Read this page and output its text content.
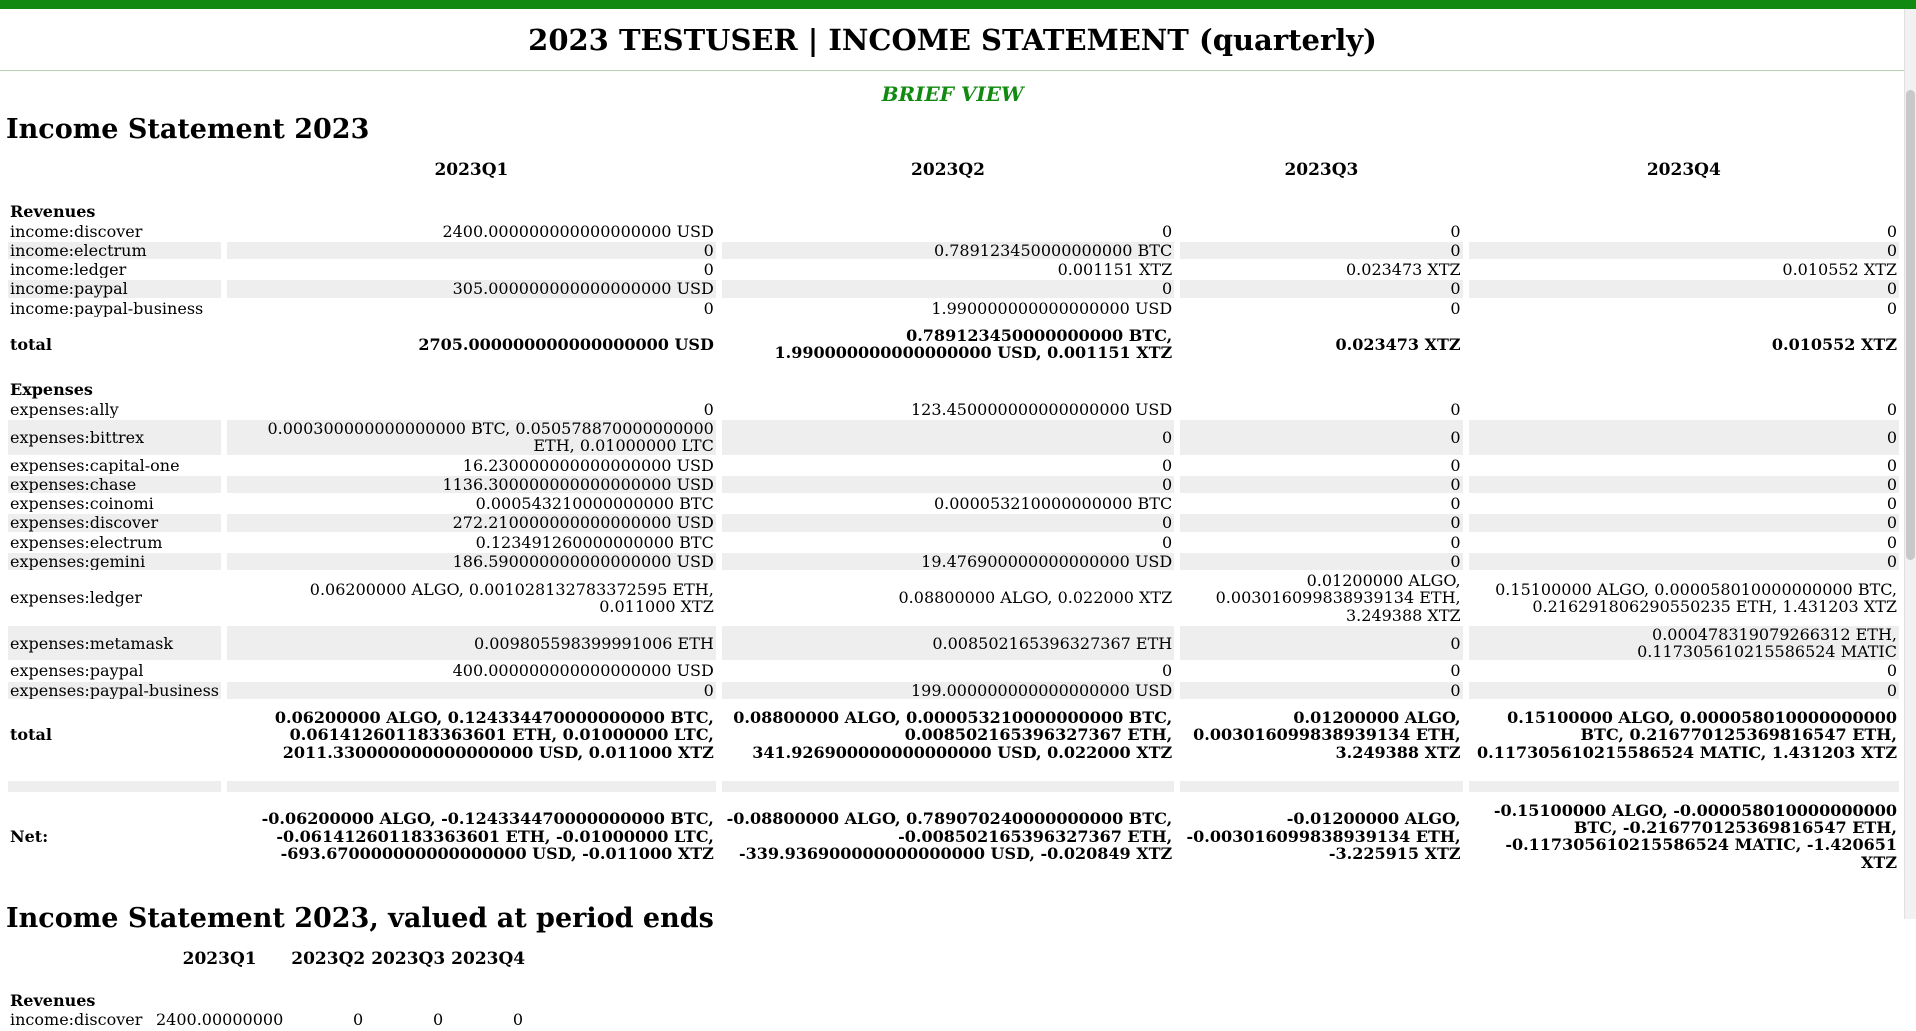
2023 TESTUSER | INCOME STATEMENT (quarterly)
BRIEF VIEW
Income Statement 2023
	2023Q1	2023Q2	2023Q3	2023Q4

Revenues				
income:discover	2400.000000000000000000 USD	0	0	0
income:electrum	0	0.789123450000000000 BTC	0	0
income:ledger	0	0.001151 XTZ	0.023473 XTZ	0.010552 XTZ
income:paypal	305.000000000000000000 USD	0	0	0
income:paypal-business	0	1.990000000000000000 USD	0	0
total	2705.000000000000000000 USD	0.789123450000000000 BTC, 1.990000000000000000 USD, 0.001151 XTZ	0.023473 XTZ	0.010552 XTZ

Expenses				
expenses:ally	0	123.450000000000000000 USD	0	0
expenses:bittrex	0.000300000000000000 BTC, 0.050578870000000000 ETH, 0.01000000 LTC	0	0	0
expenses:capital-one	16.230000000000000000 USD	0	0	0
expenses:chase	1136.300000000000000000 USD	0	0	0
expenses:coinomi	0.000543210000000000 BTC	0.000053210000000000 BTC	0	0
expenses:discover	272.210000000000000000 USD	0	0	0
expenses:electrum	0.123491260000000000 BTC	0	0	0
expenses:gemini	186.590000000000000000 USD	19.476900000000000000 USD	0	0
expenses:ledger	0.06200000 ALGO, 0.001028132783372595 ETH, 0.011000 XTZ	0.08800000 ALGO, 0.022000 XTZ	0.01200000 ALGO, 0.003016099838939134 ETH, 3.249388 XTZ	0.15100000 ALGO, 0.000058010000000000 BTC, 0.216291806290550235 ETH, 1.431203 XTZ
expenses:metamask	0.009805598399991006 ETH	0.008502165396327367 ETH	0	0.000478319079266312 ETH, 0.117305610215586524 MATIC
expenses:paypal	400.000000000000000000 USD	0	0	0
expenses:paypal-business	0	199.000000000000000000 USD	0	0
total	0.06200000 ALGO, 0.124334470000000000 BTC, 0.061412601183363601 ETH, 0.01000000 LTC, 2011.330000000000000000 USD, 0.011000 XTZ	0.08800000 ALGO, 0.000053210000000000 BTC, 0.008502165396327367 ETH, 341.926900000000000000 USD, 0.022000 XTZ	0.01200000 ALGO, 0.003016099838939134 ETH, 3.249388 XTZ	0.15100000 ALGO, 0.000058010000000000 BTC, 0.216770125369816547 ETH, 0.117305610215586524 MATIC, 1.431203 XTZ

Net:	-0.06200000 ALGO, -0.124334470000000000 BTC, -0.061412601183363601 ETH, -0.01000000 LTC, -693.670000000000000000 USD, -0.011000 XTZ	-0.08800000 ALGO, 0.789070240000000000 BTC, -0.008502165396327367 ETH, -339.936900000000000000 USD, -0.020849 XTZ	-0.01200000 ALGO, -0.003016099838939134 ETH, -3.225915 XTZ	-0.15100000 ALGO, -0.000058010000000000 BTC, -0.216770125369816547 ETH, -0.117305610215586524 MATIC, -1.420651 XTZ
Income Statement 2023, valued at period ends
	2023Q1	2023Q2	2023Q3	2023Q4

Revenues				
income:discover	2400.00000000	0	0	0
